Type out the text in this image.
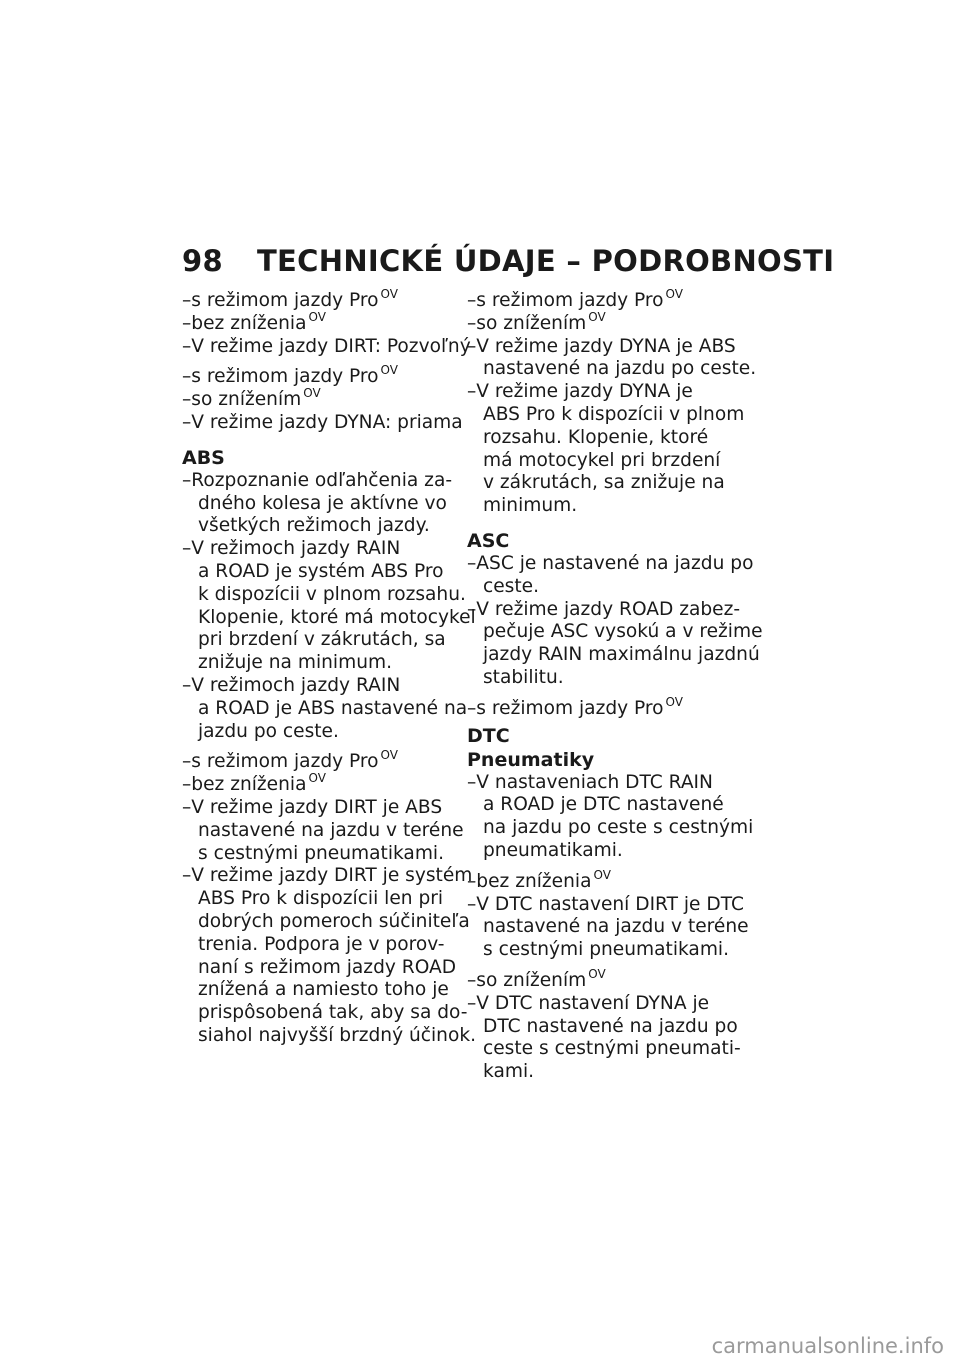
98 TECHNICKÉ ÚDAJE – PODROBNOSTI
–s režimom jazdy Pro $^{OV}$
–bez zníženia $^{OV}$
–V režime jazdy DIRT: Pozvoľný
–s režimom jazdy Pro $^{OV}$
–so znížením $^{OV}$
–V režime jazdy DYNA: priama
ABS
–Rozpoznanie odľahčenia za-
dného kolesa je aktívne vo
všetkých režimoch jazdy.
–V režimoch jazdy RAIN
a ROAD je systém ABS Pro
k dispozícii v plnom rozsahu.
Klopenie, ktoré má motocykel
pri brzdení v zákrutách, sa
znižuje na minimum.
–V režimoch jazdy RAIN
a ROAD je ABS nastavené na
jazdu po ceste.
–s režimom jazdy Pro $^{OV}$
–bez zníženia $^{OV}$
–V režime jazdy DIRT je ABS
nastavené na jazdu v teréne
s cestnými pneumatikami.
–V režime jazdy DIRT je systém
ABS Pro k dispozícii len pri
dobrých pomeroch súčiniteľa
trenia. Podpora je v porov-
naní s režimom jazdy ROAD
znížená a namiesto toho je
prispôsobená tak, aby sa do-
siahol najvyšší brzdný účinok.
–s režimom jazdy Pro $^{OV}$
–so znížením $^{OV}$
–V režime jazdy DYNA je ABS
nastavené na jazdu po ceste.
–V režime jazdy DYNA je
ABS Pro k dispozícii v plnom
rozsahu. Klopenie, ktoré
má motocykel pri brzdení
v zákrutách, sa znižuje na
minimum.
ASC
–ASC je nastavené na jazdu po
ceste.
–V režime jazdy ROAD zabez-
pečuje ASC vysokú a v režime
jazdy RAIN maximálnu jazdnú
stabilitu.
–s režimom jazdy Pro $^{OV}$
DTC
Pneumatiky
–V nastaveniach DTC RAIN
a ROAD je DTC nastavené
na jazdu po ceste s cestnými
pneumatikami.
–bez zníženia $^{OV}$
–V DTC nastavení DIRT je DTC
nastavené na jazdu v teréne
s cestnými pneumatikami.
–so znížením $^{OV}$
–V DTC nastavení DYNA je
DTC nastavené na jazdu po
ceste s cestnými pneumati-
kami.
carmanualsonline.info
